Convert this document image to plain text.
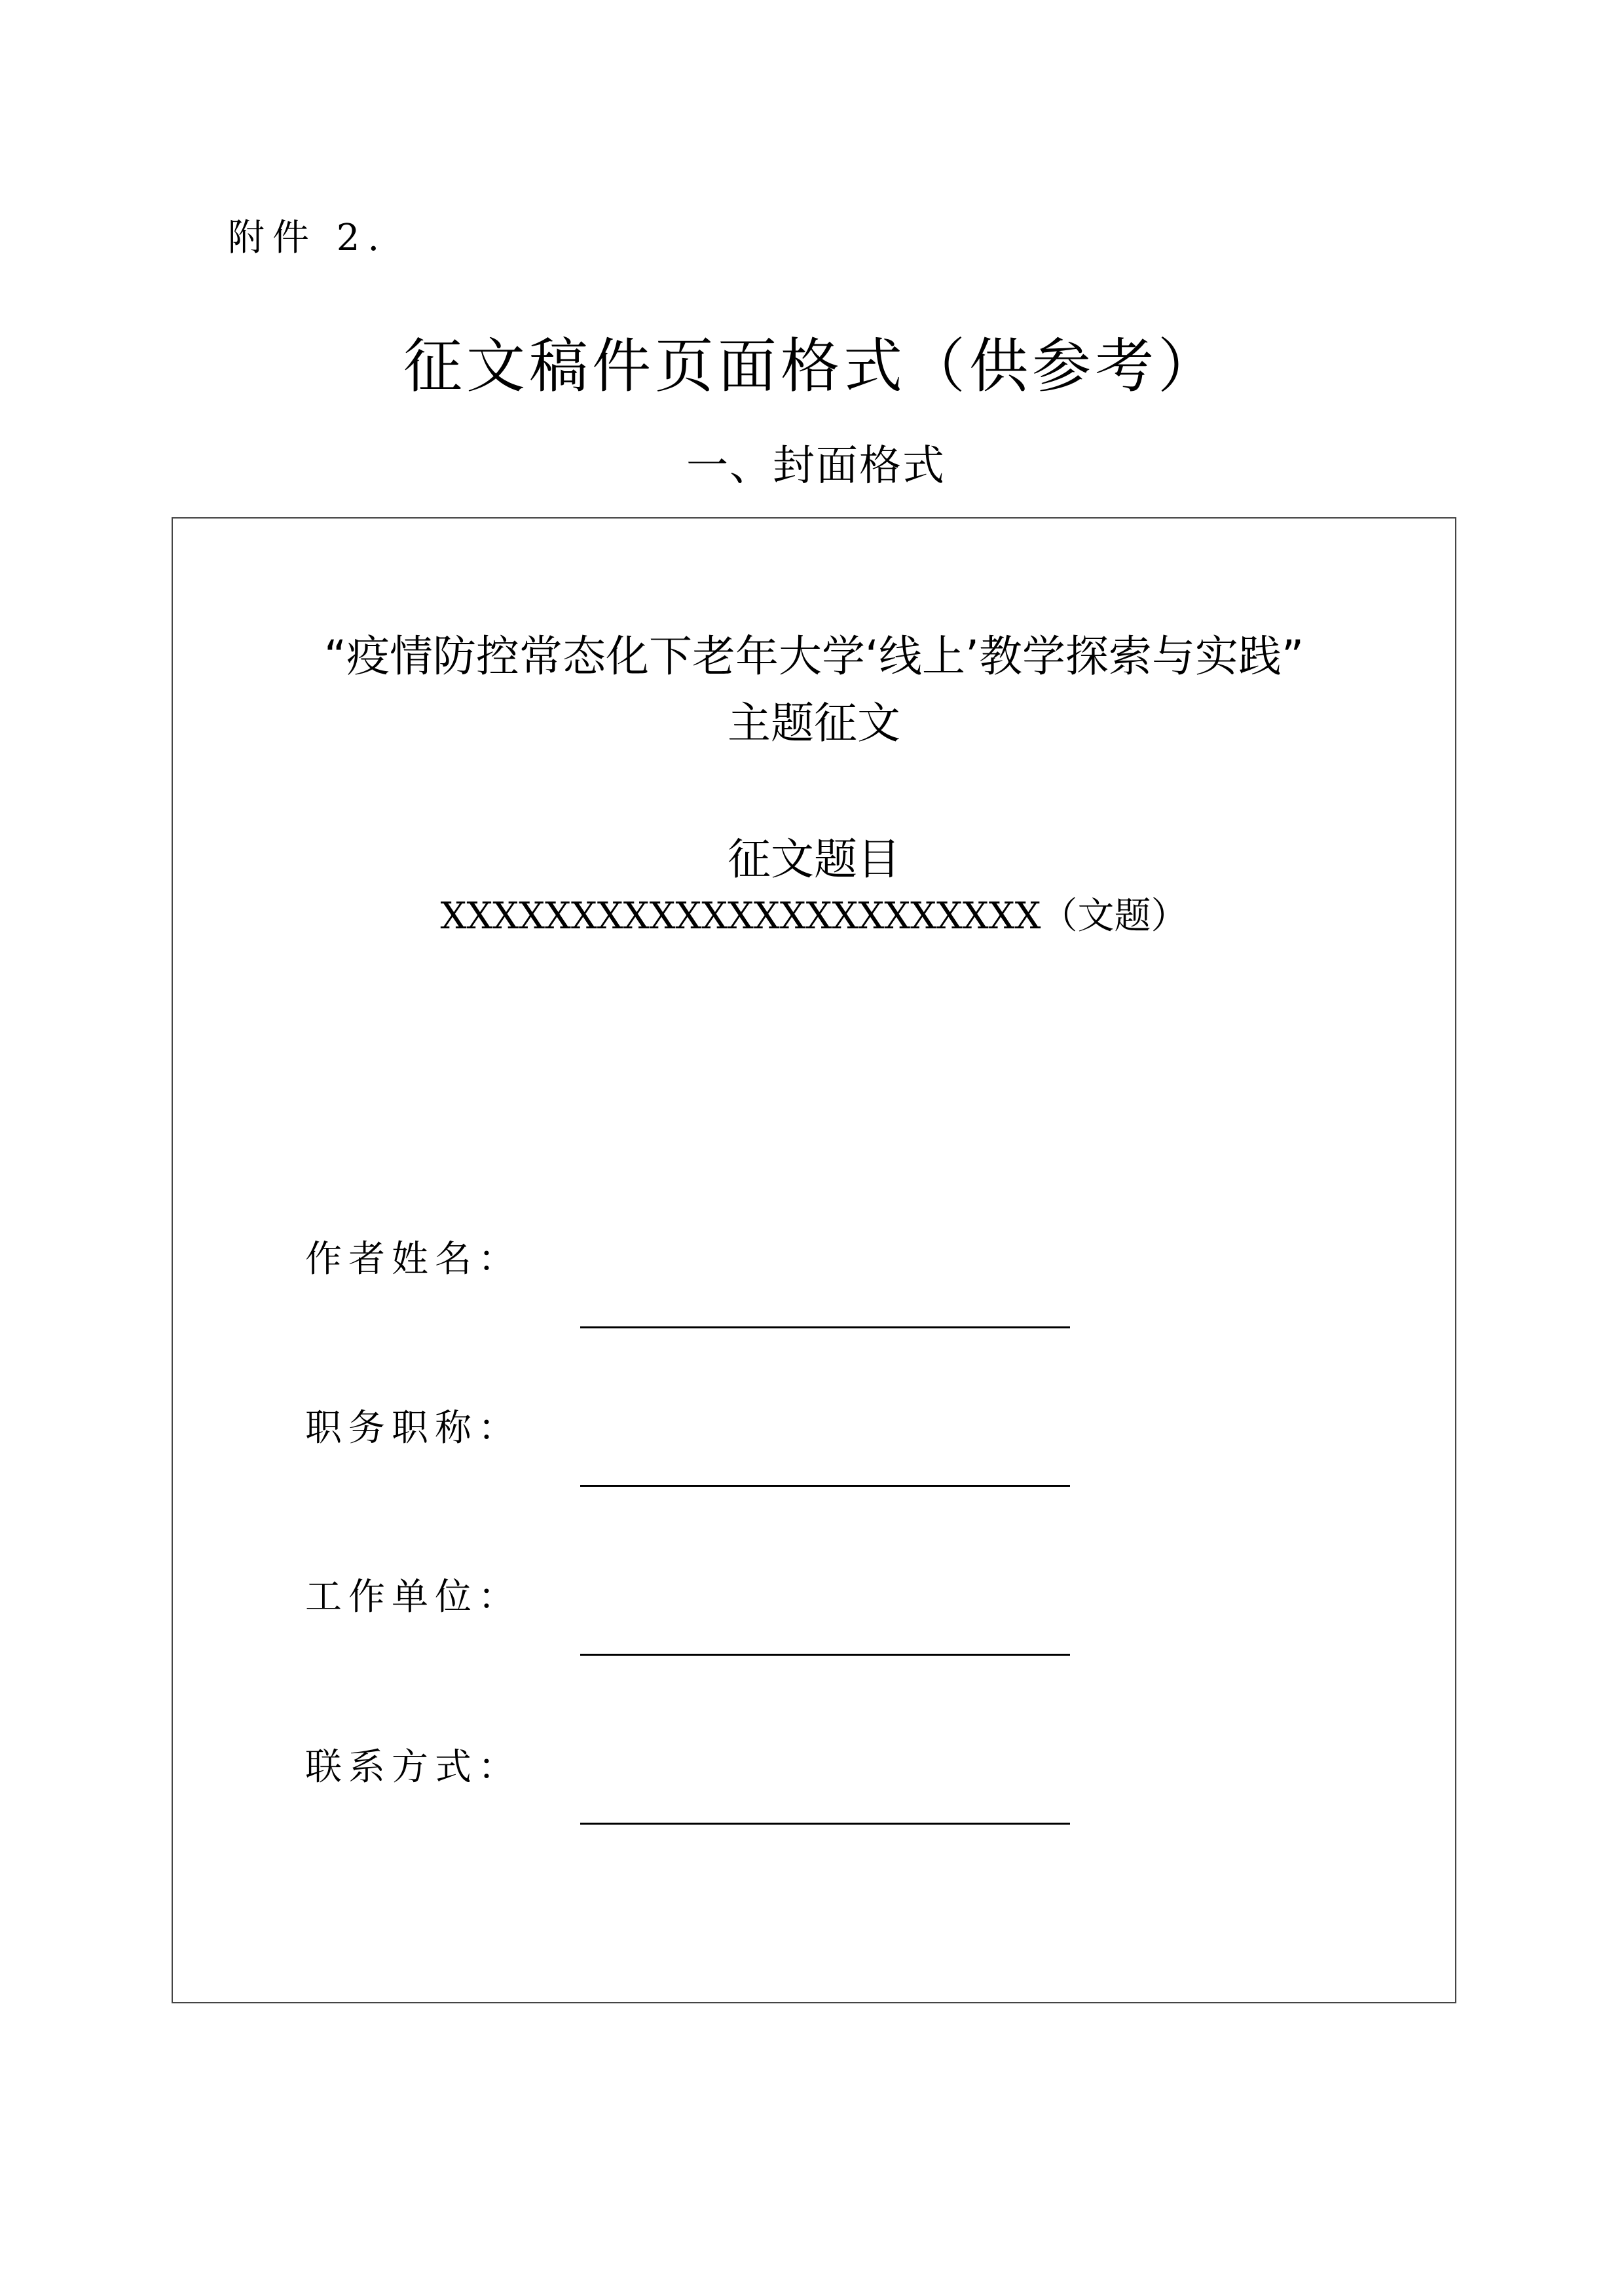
附件 2.
征文稿件页面格式（供参考）
一、封面格式
“疫情防控常态化下老年大学‘线上’教学探索与实践”
主题征文
征文题目
XXXXXXXXXXXXXXXXXXXXXXX（文题）
作者姓名：
职务职称：
工作单位：
联系方式：
